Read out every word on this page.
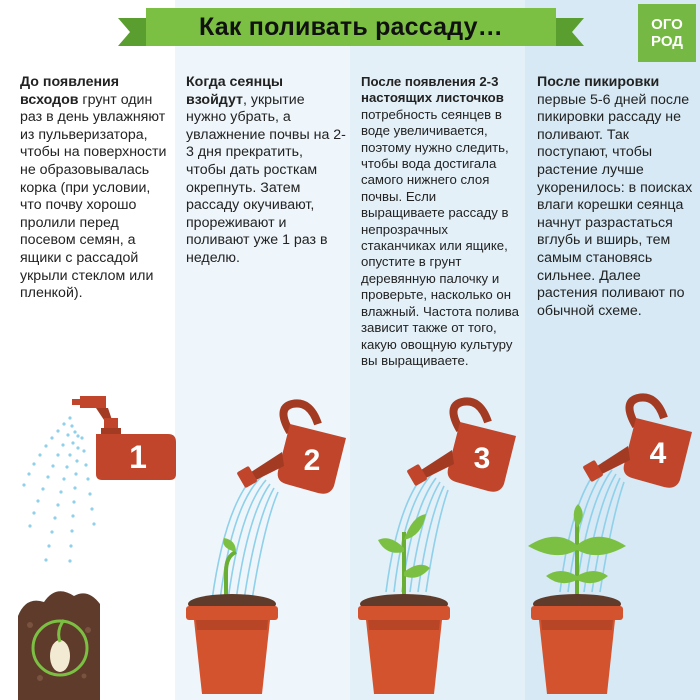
Как поливать рассаду…	ОГО
РОД
До появления всходов грунт один раз в день увлажняют из пульверизатора, чтобы на поверхности не образовывалась корка (при условии, что почву хорошо пролили перед посевом семян, а ящики с рассадой укрыли стеклом или пленкой).
Когда сеянцы взойдут, укрытие нужно убрать, а увлажнение почвы на 2-3 дня прекратить, чтобы дать росткам окрепнуть. Затем рассаду окучивают, прореживают и поливают уже 1 раз в неделю.
После появления 2-3 настоящих листочков потребность сеянцев в воде увеличивается, поэтому нужно следить, чтобы вода достигала самого нижнего слоя почвы. Если выращиваете рассаду в непрозрачных стаканчиках или ящике, опустите в грунт деревянную палочку и проверьте, насколько он влажный. Частота полива зависит также от того, какую овощную культуру вы выращиваете.
После пикировки первые 5-6 дней после пикировки рассаду не поливают. Так поступают, чтобы растение лучше укоренилось: в поисках влаги корешки сеянца начнут разрастаться вглубь и вширь, тем самым становясь сильнее. Далее растения поливают по обычной схеме.
1	2	3	4
